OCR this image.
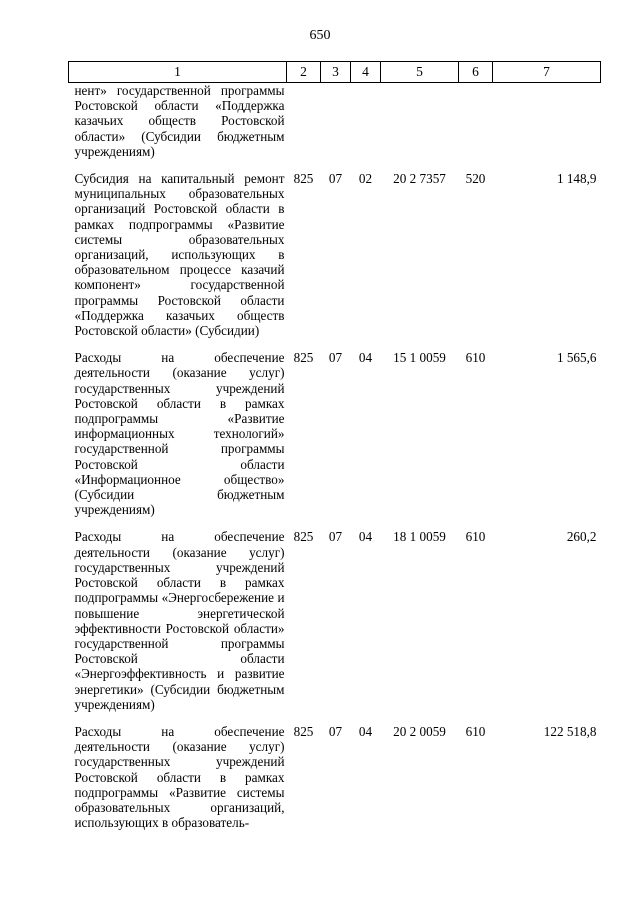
650
1	2	3	4	5	6	7
нент» государственной программы Ростовской области «Поддержка казачьих обществ Ростовской области» (Субсидии бюджетным учреждениям)						
Субсидия на капитальный ремонт муниципальных образовательных организаций Ростовской области в рамках подпрограммы «Развитие системы образовательных организаций, использующих в образовательном процессе казачий компонент» государственной программы Ростовской области «Поддержка казачьих обществ Ростовской области» (Субсидии)	825	07	02	20 2 7357	520	1 148,9
Расходы на обеспечение деятельности (оказание услуг) государственных учреждений Ростовской области в рамках подпрограммы «Развитие информационных технологий» государственной программы Ростовской области «Информационное общество» (Субсидии бюджетным учреждениям)	825	07	04	15 1 0059	610	1 565,6
Расходы на обеспечение деятельности (оказание услуг) государственных учреждений Ростовской области в рамках подпрограммы «Энергосбережение и повышение энергетической эффективности Ростовской области» государственной программы Ростовской области «Энергоэффективность и развитие энергетики» (Субсидии бюджетным учреждениям)	825	07	04	18 1 0059	610	260,2
Расходы на обеспечение деятельности (оказание услуг) государственных учреждений Ростовской области в рамках подпрограммы «Развитие системы образовательных организаций, использующих в образователь-	825	07	04	20 2 0059	610	122 518,8
